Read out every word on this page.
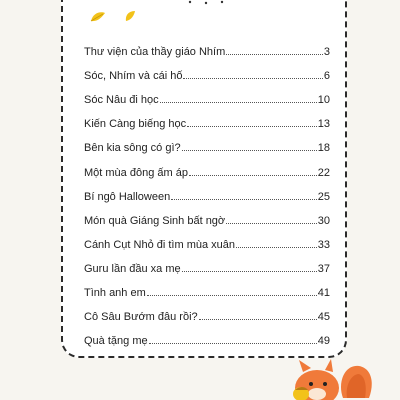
Thư viện của thầy giáo Nhím	3
Sóc, Nhím và cái hố	6
Sóc Nâu đi học	10
Kiến Càng biếng học	13
Bên kia sông có gì?	18
Một mùa đông ấm áp	22
Bí ngô Halloween	25
Món quà Giáng Sinh bất ngờ	30
Cánh Cụt Nhỏ đi tìm mùa xuân	33
Guru lần đầu xa mẹ	37
Tình anh em	41
Cô Sâu Bướm đâu rồi?	45
Quà tặng mẹ	49
